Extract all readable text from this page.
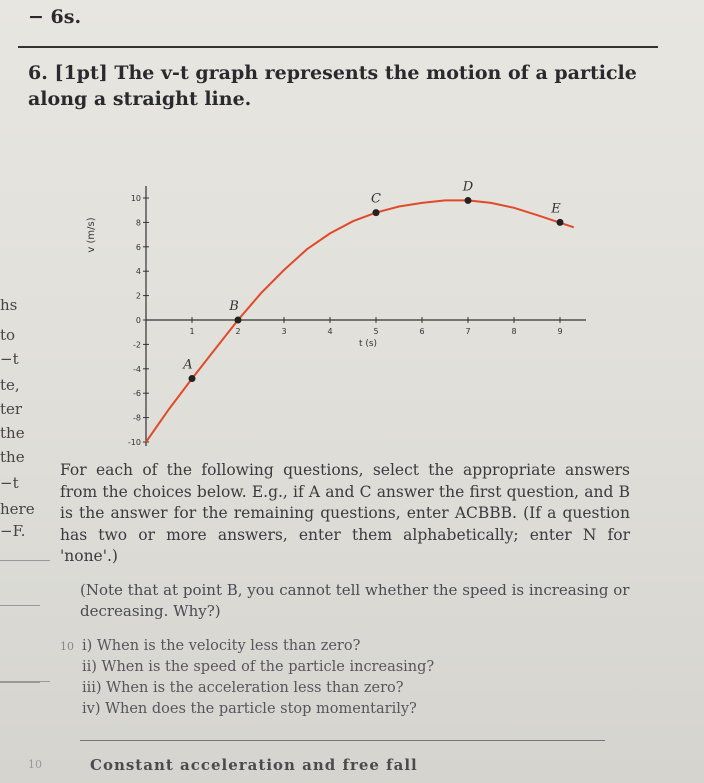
− 6s.
6. [1pt] The v-t graph represents the motion of a particle along a straight line.
hs
to
−t
te,
ter
the
the
−t
here
−F.
10
8
6
4
2
0
-2
-4
-6
-8
-10
1	2	3	4	5	6	7	8	9
A
B
C
D
E
v (m/s)
t (s)
For each of the following questions, select the appropriate answers from the choices below. E.g., if A and C answer the first question, and B is the answer for the remaining questions, enter ACBBB. (If a question has two or more answers, enter them alphabetically; enter N for 'none'.)
(Note that at point B, you cannot tell whether the speed is increasing or decreasing. Why?)
10 i) When is the velocity less than zero?
ii) When is the speed of the particle increasing?
iii) When is the acceleration less than zero?
iv) When does the particle stop momentarily?
10	Constant acceleration and free fall
